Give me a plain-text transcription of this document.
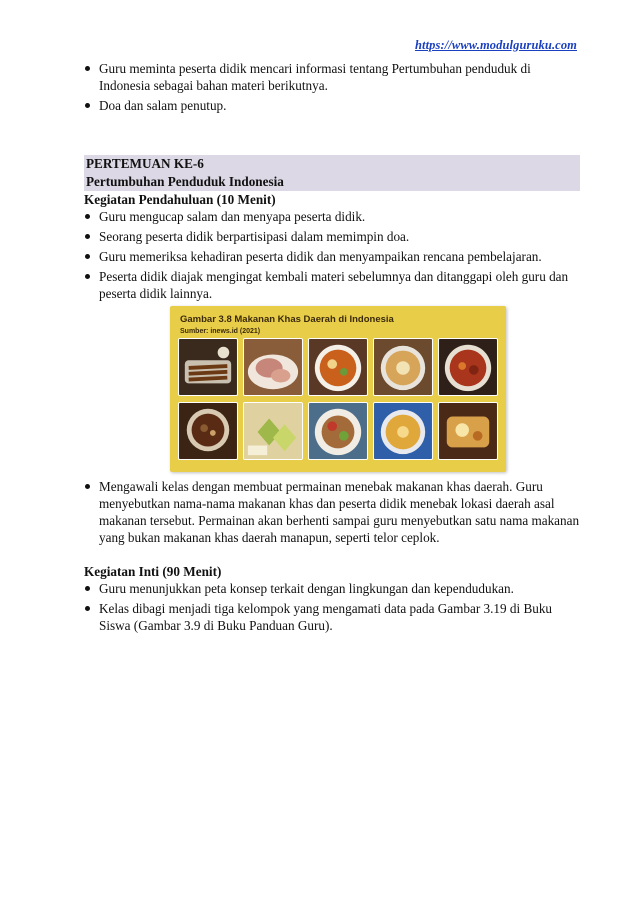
https://www.modulguruku.com
Guru meminta peserta didik mencari informasi tentang Pertumbuhan penduduk di Indonesia sebagai bahan materi berikutnya.
Doa dan salam penutup.
PERTEMUAN KE-6
Pertumbuhan Penduduk Indonesia
Kegiatan Pendahuluan (10 Menit)
Guru mengucap salam dan menyapa peserta didik.
Seorang peserta didik berpartisipasi dalam memimpin doa.
Guru memeriksa kehadiran peserta didik dan menyampaikan rencana pembelajaran.
Peserta didik diajak mengingat kembali materi sebelumnya dan ditanggapi oleh guru dan peserta didik lainnya.
Gambar 3.8 Makanan Khas Daerah di Indonesia
Sumber: inews.id (2021)
Mengawali kelas dengan membuat permainan menebak makanan khas daerah. Guru menyebutkan nama-nama makanan khas dan peserta didik menebak lokasi daerah asal makanan tersebut. Permainan akan berhenti sampai guru menyebutkan satu nama makanan yang bukan makanan khas daerah manapun, seperti telor ceplok.
Kegiatan Inti (90 Menit)
Guru menunjukkan peta konsep terkait dengan lingkungan dan kependudukan.
Kelas dibagi menjadi tiga kelompok yang mengamati data pada Gambar 3.19 di Buku Siswa (Gambar 3.9 di Buku Panduan Guru).
